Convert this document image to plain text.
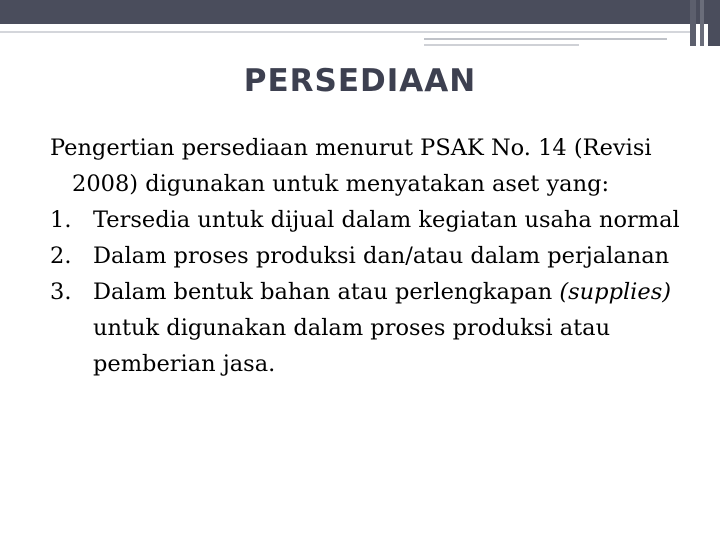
PERSEDIAAN

Pengertian persediaan menurut PSAK No. 14 (Revisi 2008) digunakan untuk menyatakan aset yang:

1. Tersedia untuk dijual dalam kegiatan usaha normal
2. Dalam proses produksi dan/atau dalam perjalanan
3. Dalam bentuk bahan atau perlengkapan (supplies) untuk digunakan dalam proses produksi atau pemberian jasa.
